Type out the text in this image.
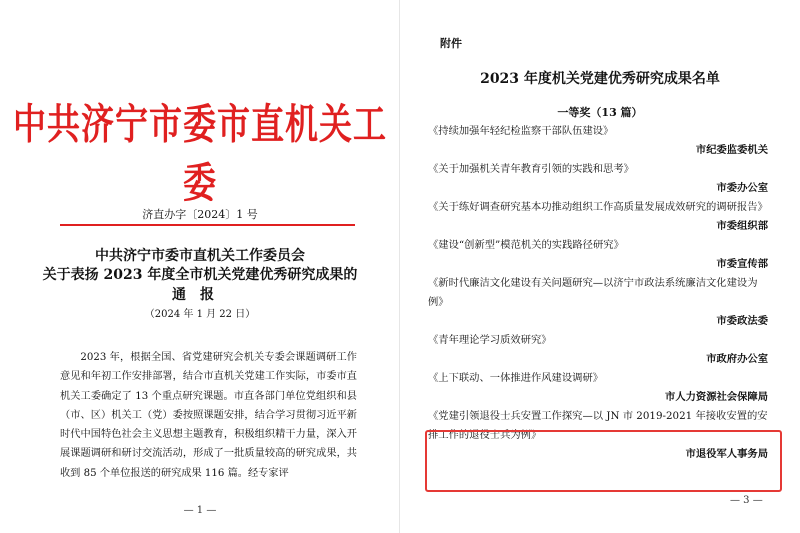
中共济宁市委市直机关工委
济直办字〔2024〕1 号
中共济宁市委市直机关工作委员会
关于表扬 2023 年度全市机关党建优秀研究成果的
通报
（2024 年 1 月 22 日）

2023 年，根据全国、省党建研究会机关专委会课题调研工作意见和年初工作安排部署，结合市直机关党建工作实际，市委市直机关工委确定了 13 个重点研究课题。市直各部门单位党组织和县（市、区）机关工（党）委按照课题安排，结合学习贯彻习近平新时代中国特色社会主义思想主题教育，积极组织精干力量，深入开展课题调研和研讨交流活动，形成了一批质量较高的研究成果，共收到 85 个单位报送的研究成果 116 篇。经专家评

— 1 —
附件
2023 年度机关党建优秀研究成果名单
一等奖（13 篇）

《持续加强年轻纪检监察干部队伍建设》

市纪委监委机关

《关于加强机关青年教育引领的实践和思考》

市委办公室

《关于练好调查研究基本功推动组织工作高质量发展成效研究的调研报告》

市委组织部

《建设“创新型”模范机关的实践路径研究》

市委宣传部

《新时代廉洁文化建设有关问题研究—以济宁市政法系统廉洁文化建设为例》

市委政法委

《青年理论学习质效研究》

市政府办公室

《上下联动、一体推进作风建设调研》

市人力资源社会保障局

《党建引领退役士兵安置工作探究—以 JN 市 2019-2021 年接收安置的安排工作的退役士兵为例》

市退役军人事务局

— 3 —
